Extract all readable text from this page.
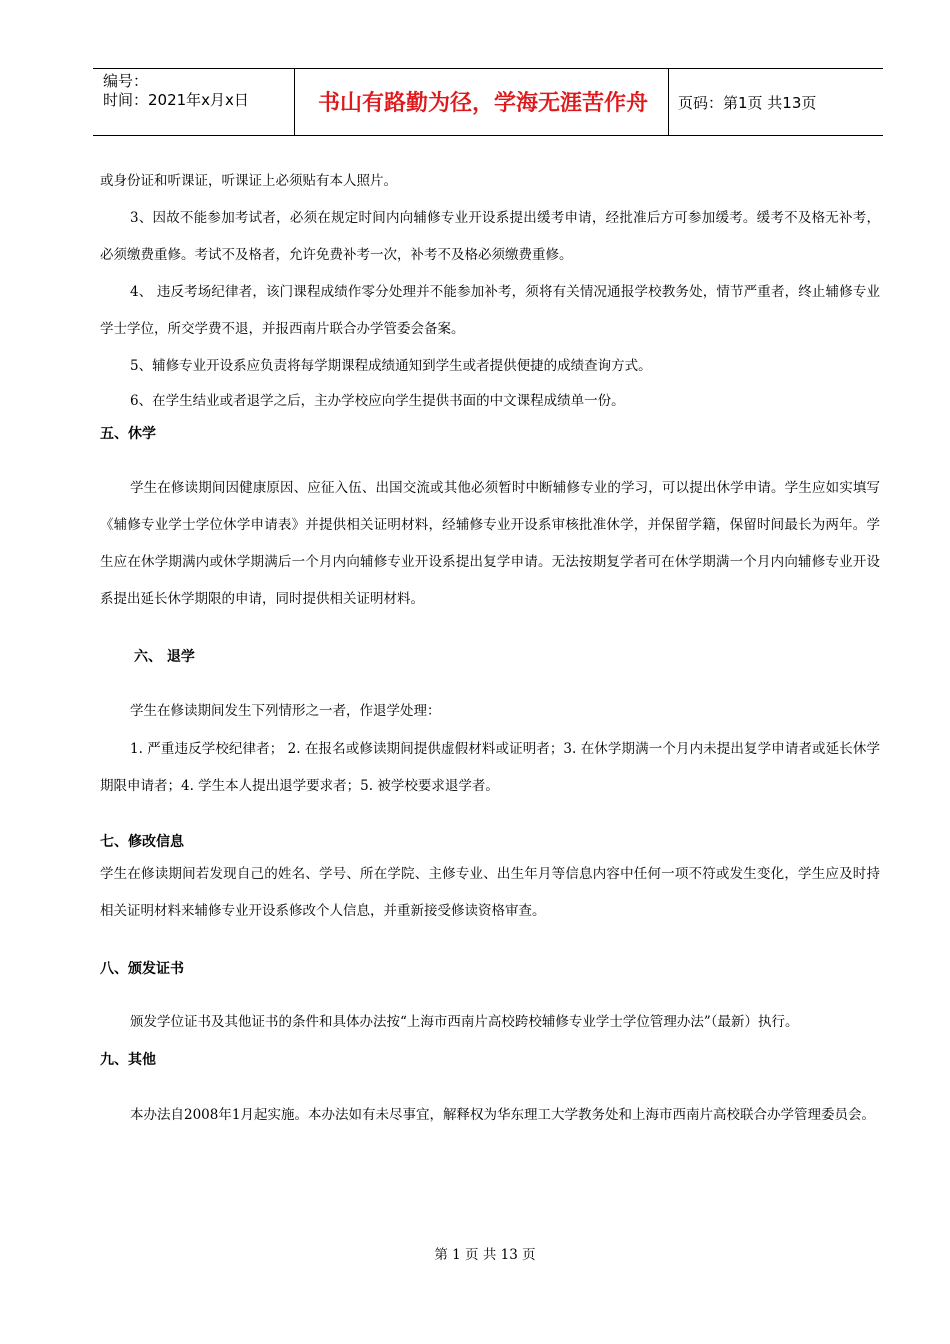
编号：
时间：2021年x月x日	书山有路勤为径，学海无涯苦作舟	页码：第1页 共13页
或身份证和听课证，听课证上必须贴有本人照片。
3、因故不能参加考试者，必须在规定时间内向辅修专业开设系提出缓考申请，经批准后方可参加缓考。缓考不及格无补考，必须缴费重修。考试不及格者，允许免费补考一次，补考不及格必须缴费重修。
4、 违反考场纪律者，该门课程成绩作零分处理并不能参加补考，须将有关情况通报学校教务处，情节严重者，终止辅修专业学士学位，所交学费不退，并报西南片联合办学管委会备案。
5、辅修专业开设系应负责将每学期课程成绩通知到学生或者提供便捷的成绩查询方式。
6、在学生结业或者退学之后，主办学校应向学生提供书面的中文课程成绩单一份。
五、休学
学生在修读期间因健康原因、应征入伍、出国交流或其他必须暂时中断辅修专业的学习，可以提出休学申请。学生应如实填写《辅修专业学士学位休学申请表》并提供相关证明材料，经辅修专业开设系审核批准休学，并保留学籍，保留时间最长为两年。学生应在休学期满内或休学期满后一个月内向辅修专业开设系提出复学申请。无法按期复学者可在休学期满一个月内向辅修专业开设系提出延长休学期限的申请，同时提供相关证明材料。
六、 退学
学生在修读期间发生下列情形之一者，作退学处理：
1. 严重违反学校纪律者； 2. 在报名或修读期间提供虚假材料或证明者；3. 在休学期满一个月内未提出复学申请者或延长休学期限申请者；4. 学生本人提出退学要求者；5. 被学校要求退学者。
七、修改信息
学生在修读期间若发现自己的姓名、学号、所在学院、主修专业、出生年月等信息内容中任何一项不符或发生变化，学生应及时持相关证明材料来辅修专业开设系修改个人信息，并重新接受修读资格审查。
八、颁发证书
颁发学位证书及其他证书的条件和具体办法按“上海市西南片高校跨校辅修专业学士学位管理办法”（最新）执行。
九、其他
本办法自2008年1月起实施。本办法如有未尽事宜，解释权为华东理工大学教务处和上海市西南片高校联合办学管理委员会。
第 1 页 共 13 页
